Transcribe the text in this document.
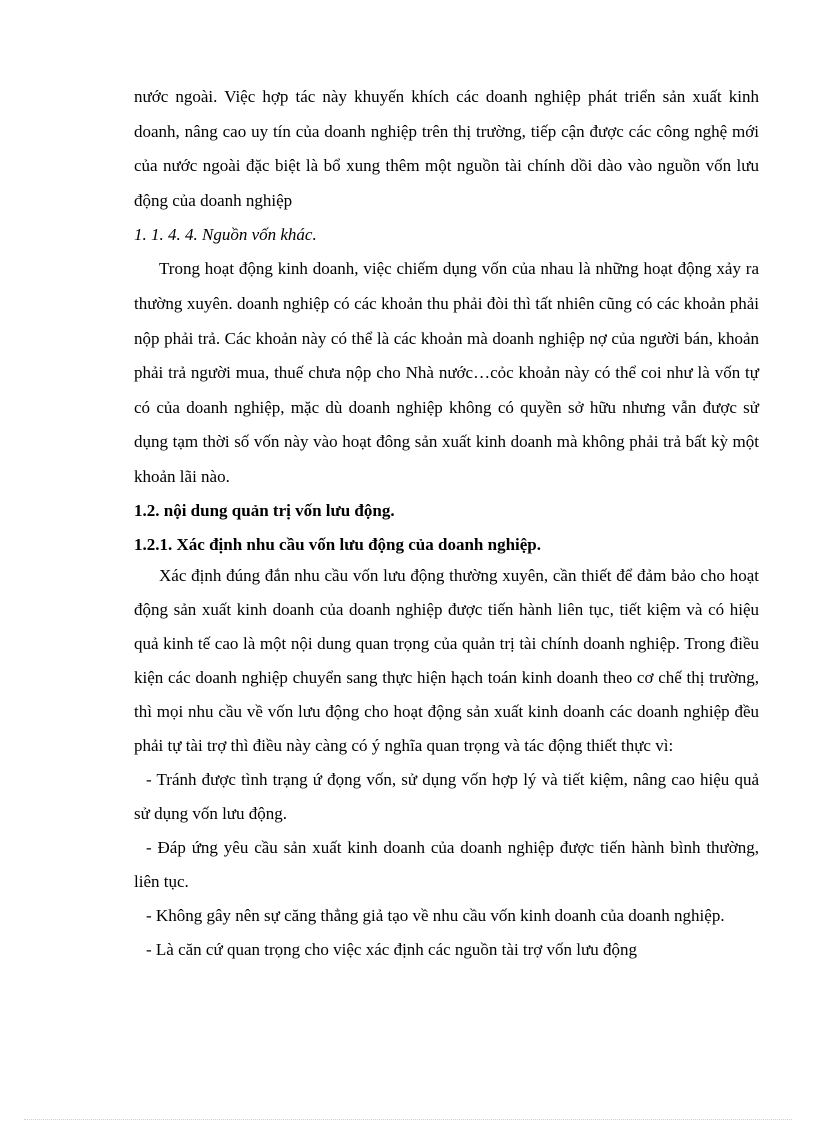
nước ngoài. Việc hợp tác này khuyến khích các doanh nghiệp phát triển sản xuất kinh doanh, nâng cao uy tín của doanh nghiệp trên thị trường, tiếp cận được các công nghệ mới của nước ngoài đặc biệt là bổ xung thêm một nguồn tài chính dồi dào vào nguồn vốn lưu động của doanh nghiệp

1. 1. 4. 4. Nguồn vốn khác.

Trong hoạt động kinh doanh, việc chiếm dụng vốn của nhau là những hoạt động xảy ra thường xuyên. doanh nghiệp có các khoản thu phải đòi thì tất nhiên cũng có các khoản phải nộp phải trả. Các khoản này có thể là các khoản mà doanh nghiệp nợ của người bán, khoản phải trả người mua, thuế chưa nộp cho Nhà nước…cỏc khoản này có thể coi như là vốn tự có của doanh nghiệp, mặc dù doanh nghiệp không có quyền sở hữu nhưng vẫn được sử dụng tạm thời số vốn này vào hoạt đông sản xuất kinh doanh mà không phải trả bất kỳ một khoản lãi nào.

1.2. nội dung quản trị vốn lưu động.

1.2.1. Xác định nhu cầu vốn lưu động của doanh nghiệp.

Xác định đúng đắn nhu cầu vốn lưu động thường xuyên, cần thiết để đảm bảo cho hoạt động sản xuất kinh doanh của doanh nghiệp được tiến hành liên tục, tiết kiệm và có hiệu quả kinh tế cao là một nội dung quan trọng của quản trị tài chính doanh nghiệp. Trong điều kiện các doanh nghiệp chuyển sang thực hiện hạch toán kinh doanh theo cơ chế thị trường, thì mọi nhu cầu về vốn lưu động cho hoạt động sản xuất kinh doanh các doanh nghiệp đều phải tự tài trợ thì điều này càng có ý nghĩa quan trọng và tác động thiết thực vì:

- Tránh được tình trạng ứ đọng vốn, sử dụng vốn hợp lý và tiết kiệm, nâng cao hiệu quả sử dụng vốn lưu động.

- Đáp ứng yêu cầu sản xuất kinh doanh của doanh nghiệp được tiến hành bình thường, liên tục.

- Không gây nên sự căng thẳng giả tạo về nhu cầu vốn kinh doanh của doanh nghiệp.

- Là căn cứ quan trọng cho việc xác định các nguồn tài trợ vốn lưu động
